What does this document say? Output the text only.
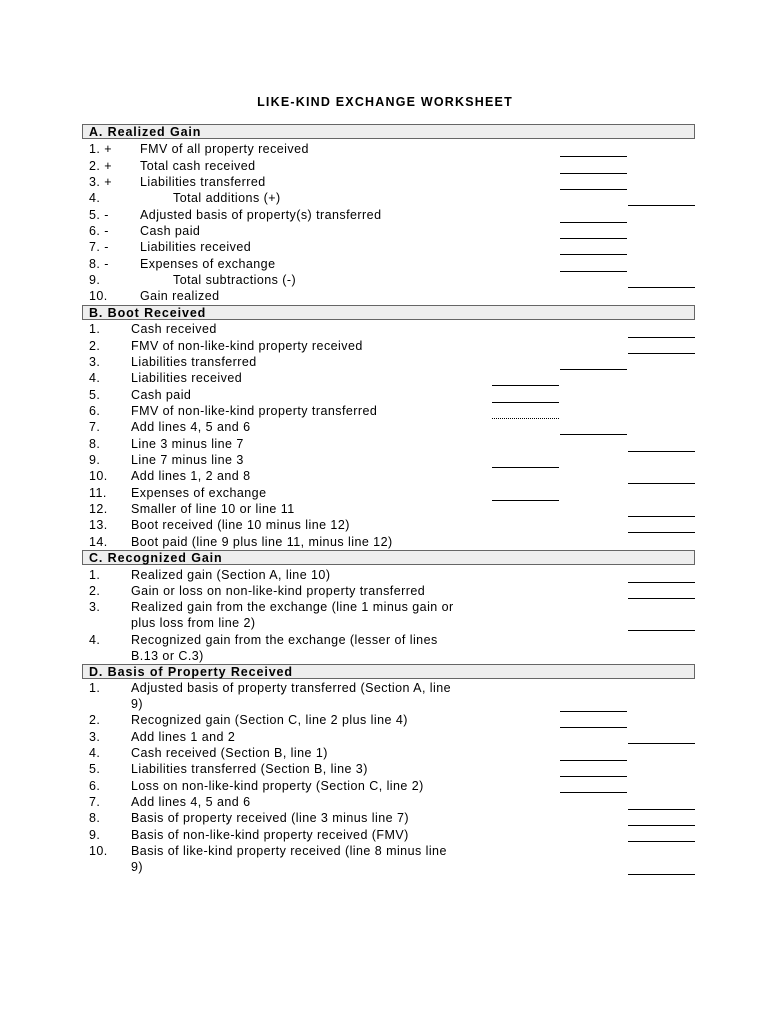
LIKE-KIND EXCHANGE WORKSHEET
A. Realized Gain
1. + FMV of all property received
2. + Total cash received
3. + Liabilities transferred
4.	Total additions (+)
5. - Adjusted basis of property(s) transferred
6. - Cash paid
7. - Liabilities received
8. - Expenses of exchange
9.	Total subtractions (-)
10.	Gain realized
B. Boot Received
1. Cash received
2. FMV of non-like-kind property received
3. Liabilities transferred
4. Liabilities received
5. Cash paid
6. FMV of non-like-kind property transferred
7. Add lines 4, 5 and 6
8. Line 3 minus line 7
9. Line 7 minus line 3
10. Add lines 1, 2 and 8
11. Expenses of exchange
12. Smaller of line 10 or line 11
13. Boot received (line 10 minus line 12)
14. Boot paid (line 9 plus line 11, minus line 12)
C. Recognized Gain
1. Realized gain (Section A, line 10)
2. Gain or loss on non-like-kind property transferred
3. Realized gain from the exchange (line 1 minus gain or
plus loss from line 2)
4. Recognized gain from the exchange (lesser of lines
B.13 or C.3)
D. Basis of Property Received
1. Adjusted basis of property transferred (Section A, line
9)
2. Recognized gain (Section C, line 2 plus line 4)
3. Add lines 1 and 2
4. Cash received (Section B, line 1)
5. Liabilities transferred (Section B, line 3)
6. Loss on non-like-kind property (Section C, line 2)
7. Add lines 4, 5 and 6
8. Basis of property received (line 3 minus line 7)
9. Basis of non-like-kind property received (FMV)
10. Basis of like-kind property received (line 8 minus line
9)
